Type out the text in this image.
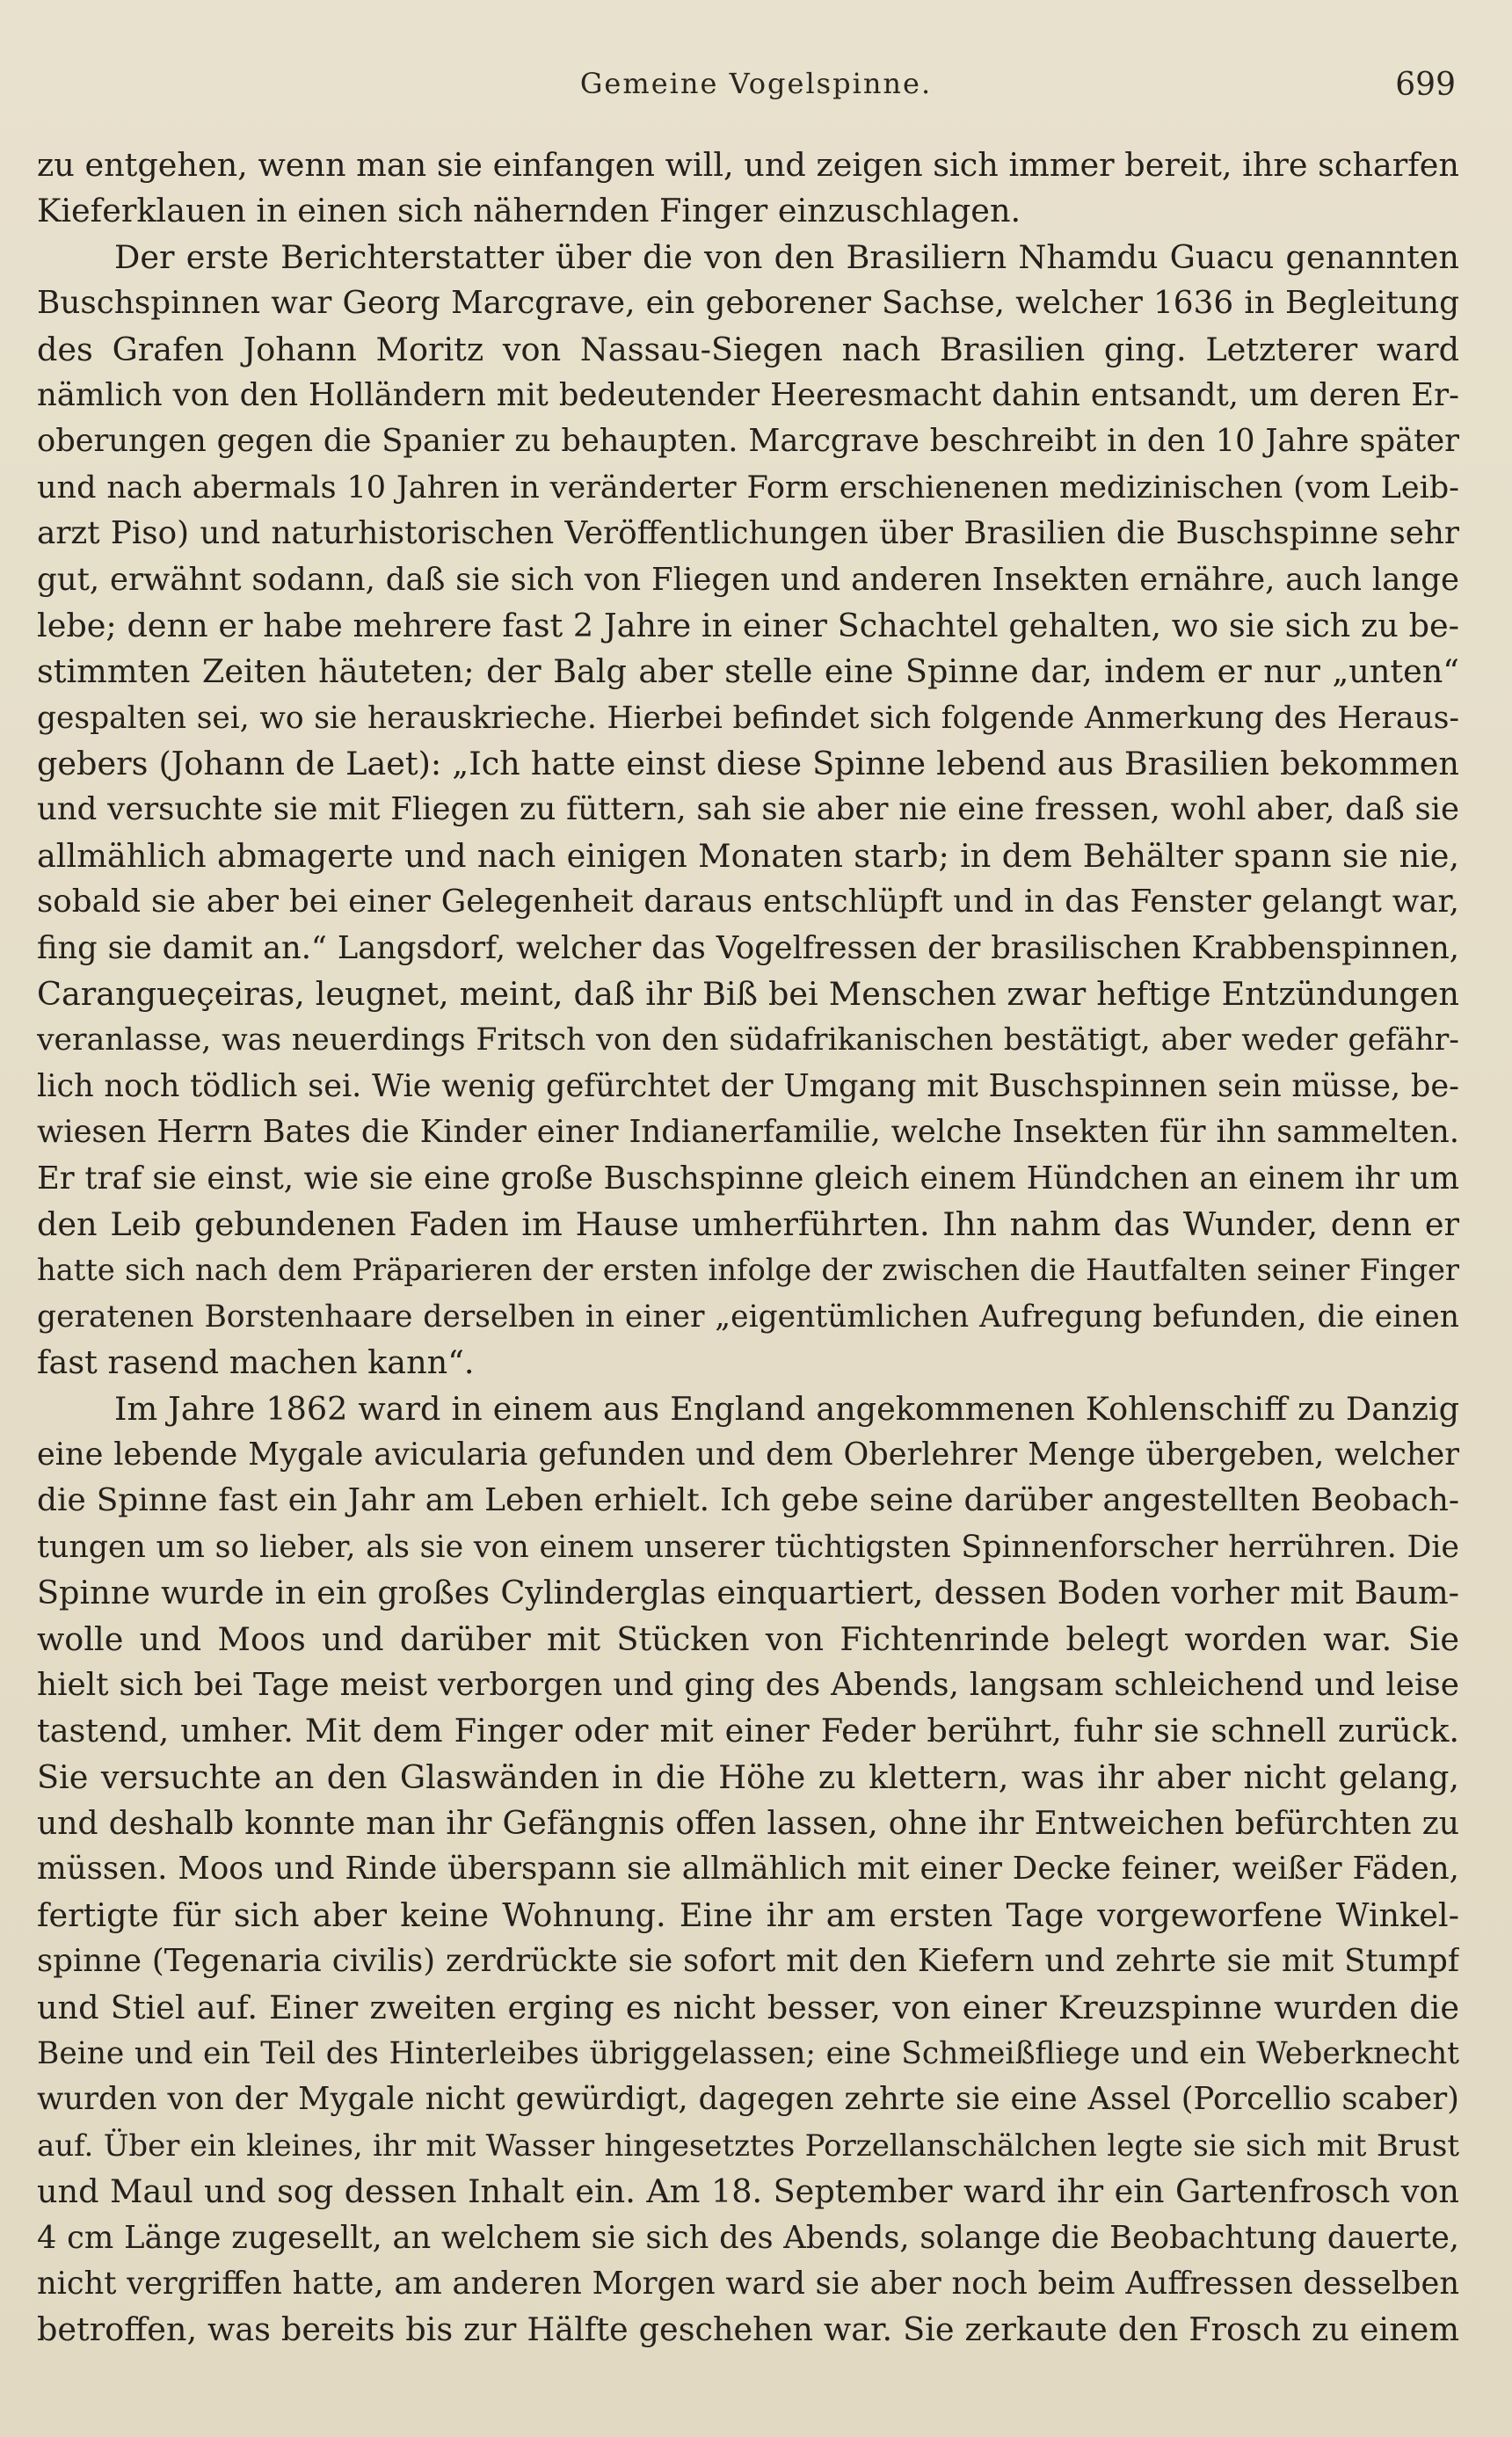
Gemeine Vogelspinne.	699
zu entgehen, wenn man sie einfangen will, und zeigen sich immer bereit, ihre scharfen
Kieferklauen in einen sich nähernden Finger einzuschlagen.
Der erste Berichterstatter über die von den Brasiliern Nhamdu Guacu genannten
Buschspinnen war Georg Marcgrave, ein geborener Sachse, welcher 1636 in Begleitung
des Grafen Johann Moritz von Nassau-Siegen nach Brasilien ging. Letzterer ward
nämlich von den Holländern mit bedeutender Heeresmacht dahin entsandt, um deren Er-
oberungen gegen die Spanier zu behaupten. Marcgrave beschreibt in den 10 Jahre später
und nach abermals 10 Jahren in veränderter Form erschienenen medizinischen (vom Leib-
arzt Piso) und naturhistorischen Veröffentlichungen über Brasilien die Buschspinne sehr
gut, erwähnt sodann, daß sie sich von Fliegen und anderen Insekten ernähre, auch lange
lebe; denn er habe mehrere fast 2 Jahre in einer Schachtel gehalten, wo sie sich zu be-
stimmten Zeiten häuteten; der Balg aber stelle eine Spinne dar, indem er nur „unten“
gespalten sei, wo sie herauskrieche. Hierbei befindet sich folgende Anmerkung des Heraus-
gebers (Johann de Laet): „Ich hatte einst diese Spinne lebend aus Brasilien bekommen
und versuchte sie mit Fliegen zu füttern, sah sie aber nie eine fressen, wohl aber, daß sie
allmählich abmagerte und nach einigen Monaten starb; in dem Behälter spann sie nie,
sobald sie aber bei einer Gelegenheit daraus entschlüpft und in das Fenster gelangt war,
fing sie damit an.“ Langsdorf, welcher das Vogelfressen der brasilischen Krabbenspinnen,
Carangueçeiras, leugnet, meint, daß ihr Biß bei Menschen zwar heftige Entzündungen
veranlasse, was neuerdings Fritsch von den südafrikanischen bestätigt, aber weder gefähr-
lich noch tödlich sei. Wie wenig gefürchtet der Umgang mit Buschspinnen sein müsse, be-
wiesen Herrn Bates die Kinder einer Indianerfamilie, welche Insekten für ihn sammelten.
Er traf sie einst, wie sie eine große Buschspinne gleich einem Hündchen an einem ihr um
den Leib gebundenen Faden im Hause umherführten. Ihn nahm das Wunder, denn er
hatte sich nach dem Präparieren der ersten infolge der zwischen die Hautfalten seiner Finger
geratenen Borstenhaare derselben in einer „eigentümlichen Aufregung befunden, die einen
fast rasend machen kann“.
Im Jahre 1862 ward in einem aus England angekommenen Kohlenschiff zu Danzig
eine lebende Mygale avicularia gefunden und dem Oberlehrer Menge übergeben, welcher
die Spinne fast ein Jahr am Leben erhielt. Ich gebe seine darüber angestellten Beobach-
tungen um so lieber, als sie von einem unserer tüchtigsten Spinnenforscher herrühren. Die
Spinne wurde in ein großes Cylinderglas einquartiert, dessen Boden vorher mit Baum-
wolle und Moos und darüber mit Stücken von Fichtenrinde belegt worden war. Sie
hielt sich bei Tage meist verborgen und ging des Abends, langsam schleichend und leise
tastend, umher. Mit dem Finger oder mit einer Feder berührt, fuhr sie schnell zurück.
Sie versuchte an den Glaswänden in die Höhe zu klettern, was ihr aber nicht gelang,
und deshalb konnte man ihr Gefängnis offen lassen, ohne ihr Entweichen befürchten zu
müssen. Moos und Rinde überspann sie allmählich mit einer Decke feiner, weißer Fäden,
fertigte für sich aber keine Wohnung. Eine ihr am ersten Tage vorgeworfene Winkel-
spinne (Tegenaria civilis) zerdrückte sie sofort mit den Kiefern und zehrte sie mit Stumpf
und Stiel auf. Einer zweiten erging es nicht besser, von einer Kreuzspinne wurden die
Beine und ein Teil des Hinterleibes übriggelassen; eine Schmeißfliege und ein Weberknecht
wurden von der Mygale nicht gewürdigt, dagegen zehrte sie eine Assel (Porcellio scaber)
auf. Über ein kleines, ihr mit Wasser hingesetztes Porzellanschälchen legte sie sich mit Brust
und Maul und sog dessen Inhalt ein. Am 18. September ward ihr ein Gartenfrosch von
4 cm Länge zugesellt, an welchem sie sich des Abends, solange die Beobachtung dauerte,
nicht vergriffen hatte, am anderen Morgen ward sie aber noch beim Auffressen desselben
betroffen, was bereits bis zur Hälfte geschehen war. Sie zerkaute den Frosch zu einem
